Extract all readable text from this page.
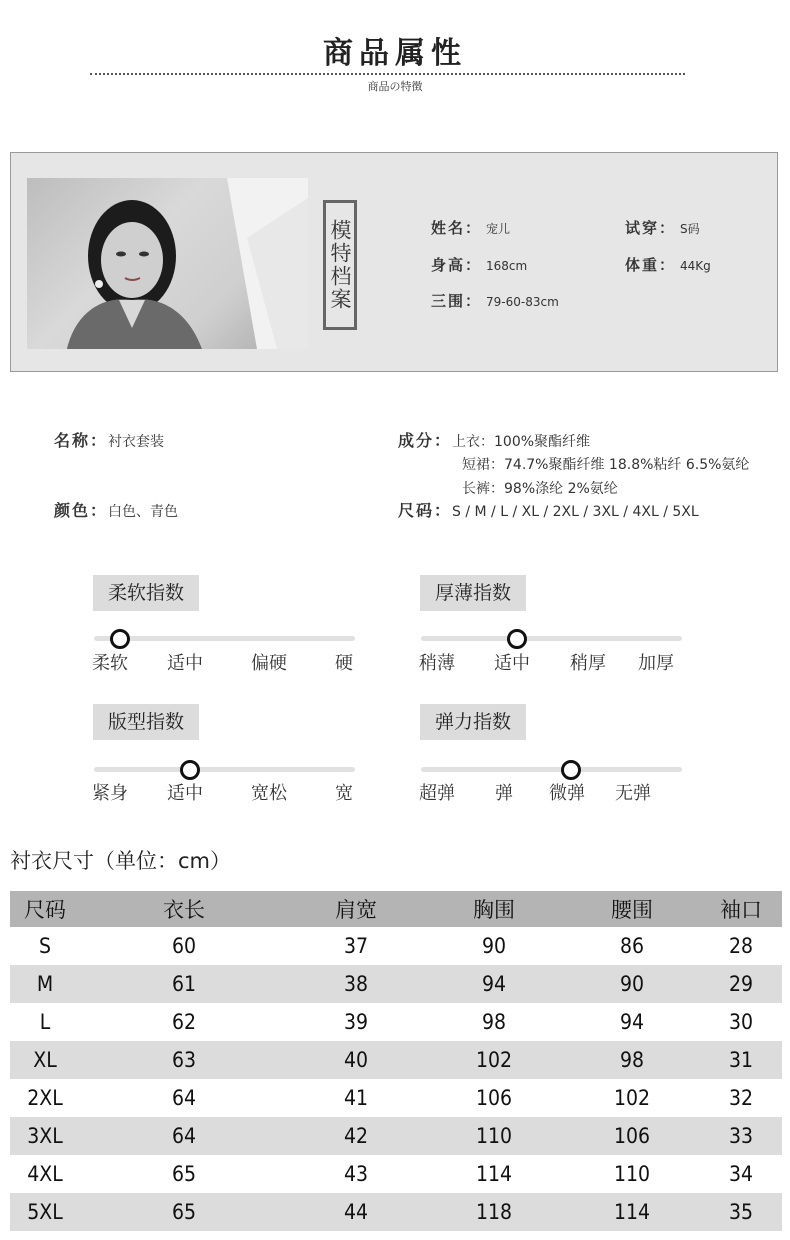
商品属性
商品の特徴
模特档案	姓名： 宠儿	试穿： S码
身高： 168cm	体重： 44Kg
三围： 79-60-83cm
名称：衬衣套装
颜色：白色、青色
成分：上衣：100%聚酯纤维
短裙：74.7%聚酯纤维 18.8%粘纤 6.5%氨纶
长裤：98%涤纶 2%氨纶
尺码：S / M / L / XL / 2XL / 3XL / 4XL / 5XL
柔软指数
柔软 适中	偏硬	硬
厚薄指数
稍薄 适中 稍厚 加厚
版型指数
紧身 适中	宽松	宽
弹力指数
超弹 弹 微弹 无弹
衬衣尺寸（单位：cm）
尺码	衣长	肩宽	胸围	腰围	袖口
S	60	37	90	86	28
M	61	38	94	90	29
L	62	39	98	94	30
XL	63	40	102	98	31
2XL	64	41	106	102	32
3XL	64	42	110	106	33
4XL	65	43	114	110	34
5XL	65	44	118	114	35
